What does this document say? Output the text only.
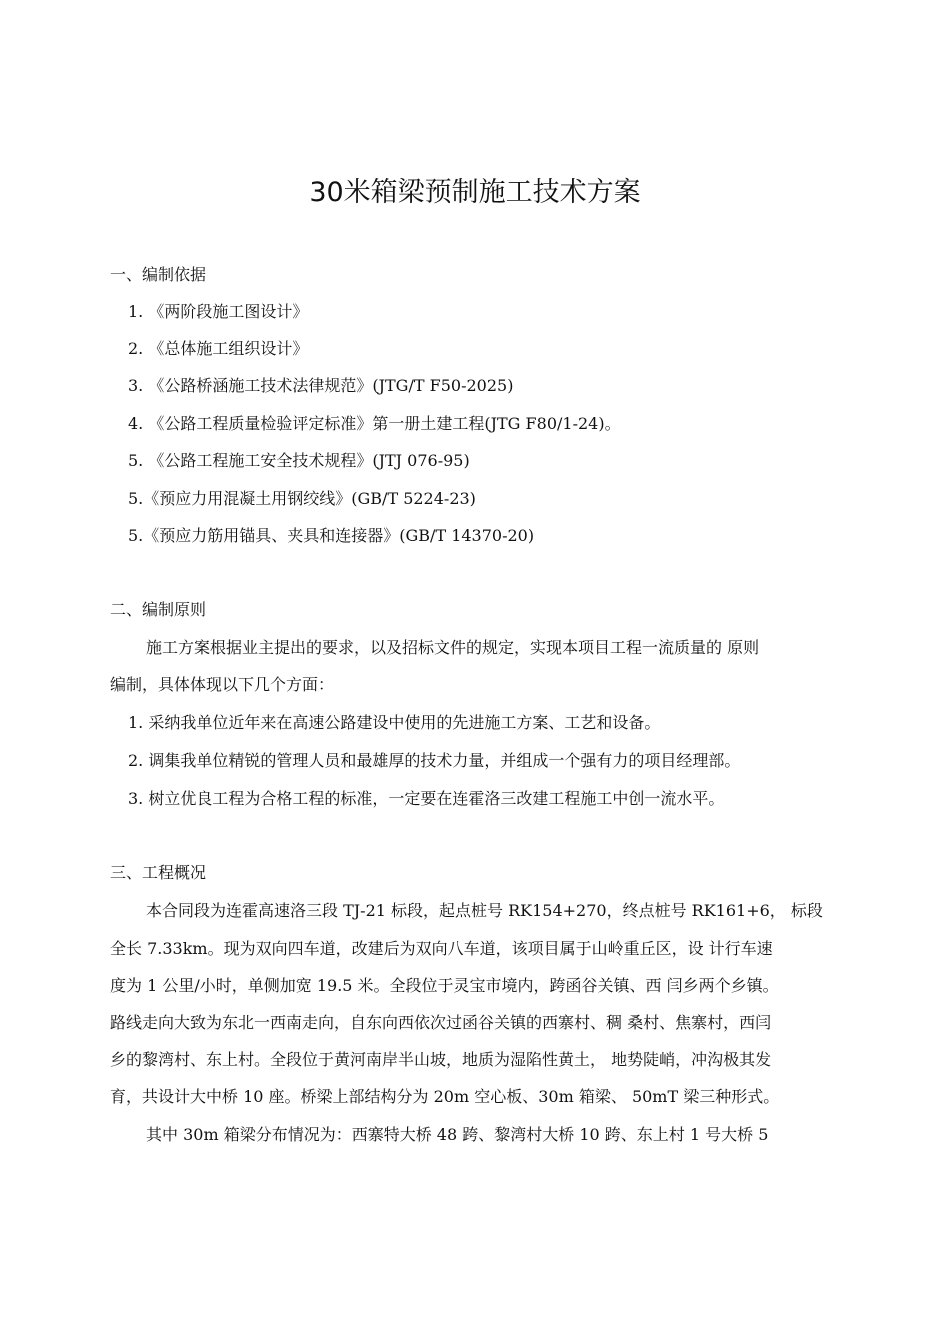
30米箱梁预制施工技术方案
一、编制依据
1. 《两阶段施工图设计》
2. 《总体施工组织设计》
3. 《公路桥涵施工技术法律规范》(JTG/T F50-2025)
4. 《公路工程质量检验评定标准》第一册土建工程(JTG F80/1-24)。
5. 《公路工程施工安全技术规程》(JTJ 076-95)
5.《预应力用混凝土用钢绞线》(GB/T 5224-23)
5.《预应力筋用锚具、夹具和连接器》(GB/T 14370-20)
二、编制原则
施工方案根据业主提出的要求，以及招标文件的规定，实现本项目工程一流质量的 原则
编制，具体体现以下几个方面：
1. 采纳我单位近年来在高速公路建设中使用的先进施工方案、工艺和设备。
2. 调集我单位精锐的管理人员和最雄厚的技术力量，并组成一个强有力的项目经理部。
3. 树立优良工程为合格工程的标准，一定要在连霍洛三改建工程施工中创一流水平。
三、工程概况
本合同段为连霍高速洛三段 TJ-21 标段，起点桩号 RK154+270，终点桩号 RK161+6， 标段
全长 7.33km。现为双向四车道，改建后为双向八车道，该项目属于山岭重丘区，设 计行车速
度为 1 公里/小时，单侧加宽 19.5 米。全段位于灵宝市境内，跨函谷关镇、西 闫乡两个乡镇。
路线走向大致为东北一西南走向，自东向西依次过函谷关镇的西寨村、稠 桑村、焦寨村，西闫
乡的黎湾村、东上村。全段位于黄河南岸半山坡，地质为湿陷性黄土， 地势陡峭，冲沟极其发
育，共设计大中桥 10 座。桥梁上部结构分为 20m 空心板、30m 箱梁、 50mT 梁三种形式。
其中 30m 箱梁分布情况为：西寨特大桥 48 跨、黎湾村大桥 10 跨、东上村 1 号大桥 5
